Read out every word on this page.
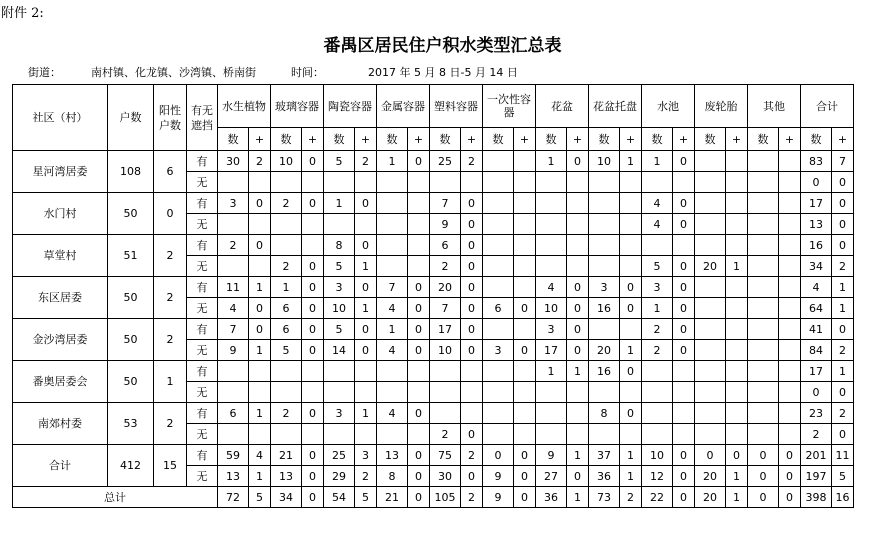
附件 2:
番禺区居民住户积水类型汇总表
街道：	南村镇、化龙镇、沙湾镇、桥南街	时间：	2017 年 5 月 8 日-5 月 14 日
社区（村）	户数	阳性户数	有无遮挡	水生植物		玻璃容器		陶瓷容器		金属容器		塑料容器		一次性容器		花盆		花盆托盘		水池		废轮胎		其他		合计	
				数	+	数	+	数	+	数	+	数	+	数	+	数	+	数	+	数	+	数	+	数	+	数	+
星河湾居委	108	6	有	30	2	10	0	5	2	1	0	25	2			1	0	10	1	1	0					83	7
			无																							0	0
水门村	50	0	有	3	0	2	0	1	0			7	0							4	0					17	0
			无									9	0							4	0					13	0
草堂村	51	2	有	2	0			8	0			6	0													16	0
			无			2	0	5	1			2	0							5	0	20	1			34	2
东区居委	50	2	有	11	1	1	0	3	0	7	0	20	0			4	0	3	0	3	0					4	1
			无	4	0	6	0	10	1	4	0	7	0	6	0	10	0	16	0	1	0					64	1
金沙湾居委	50	2	有	7	0	6	0	5	0	1	0	17	0			3	0			2	0					41	0
			无	9	1	5	0	14	0	4	0	10	0	3	0	17	0	20	1	2	0					84	2
番奥居委会	50	1	有													1	1	16	0							17	1
			无																							0	0
南郊村委	53	2	有	6	1	2	0	3	1	4	0							8	0							23	2
			无									2	0													2	0
合计	412	15	有	59	4	21	0	25	3	13	0	75	2	0	0	9	1	37	1	10	0	0	0	0	0	201	11
			无	13	1	13	0	29	2	8	0	30	0	9	0	27	0	36	1	12	0	20	1	0	0	197	5
总计				72	5	34	0	54	5	21	0	105	2	9	0	36	1	73	2	22	0	20	1	0	0	398	16
